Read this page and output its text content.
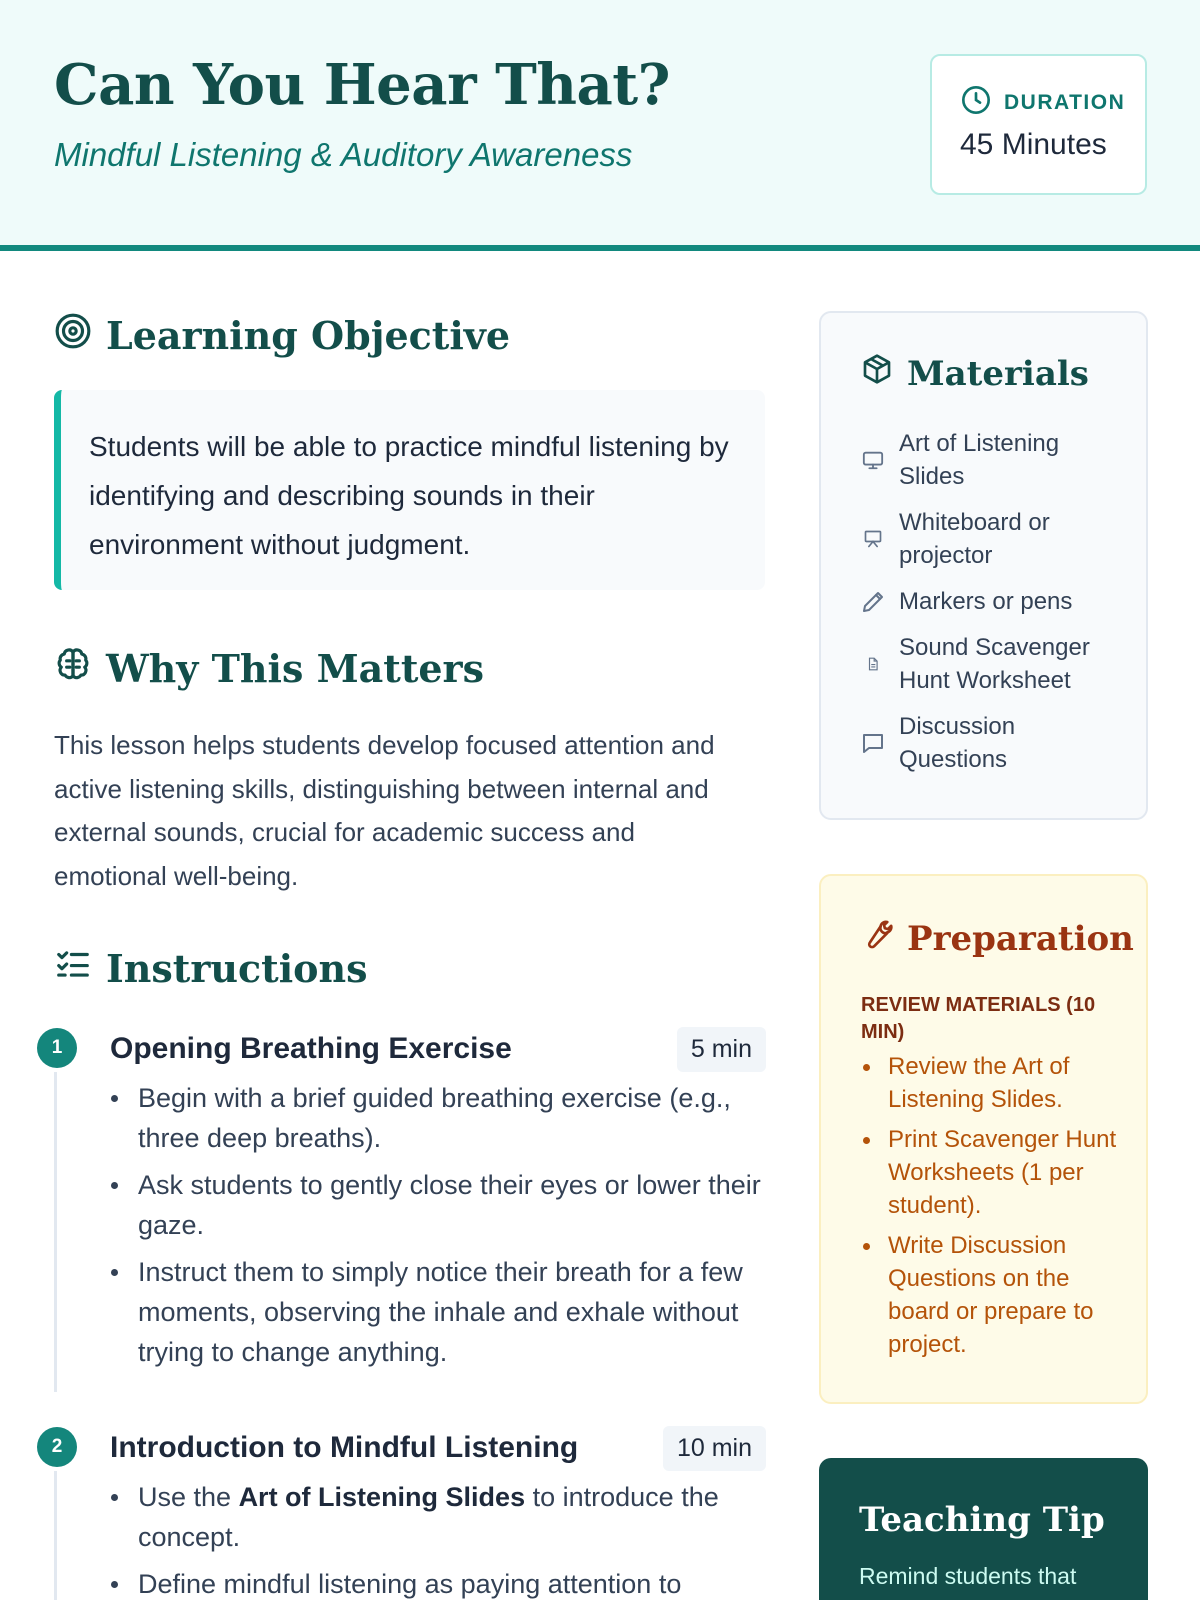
Can You Hear That?
Mindful Listening & Auditory Awareness
DURATION
45 Minutes
Learning Objective
Students will be able to practice mindful listening by identifying and describing sounds in their environment without judgment.
Why This Matters

This lesson helps students develop focused attention and active listening skills, distinguishing between internal and external sounds, crucial for academic success and emotional well-being.

Instructions
1	Opening Breathing Exercise	5 min
Begin with a brief guided breathing exercise (e.g., three deep breaths).
Ask students to gently close their eyes or lower their gaze.
Instruct them to simply notice their breath for a few moments, observing the inhale and exhale without trying to change anything.
2	Introduction to Mindful Listening	10 min
Use the Art of Listening Slides to introduce the concept.
Define mindful listening as paying attention to
Materials
Art of Listening Slides
Whiteboard or projector
Markers or pens
Sound Scavenger Hunt Worksheet
Discussion Questions
Preparation
REVIEW MATERIALS (10 MIN)
Review the Art of Listening Slides.
Print Scavenger Hunt Worksheets (1 per student).
Write Discussion Questions on the board or prepare to project.
Teaching Tip

Remind students that
